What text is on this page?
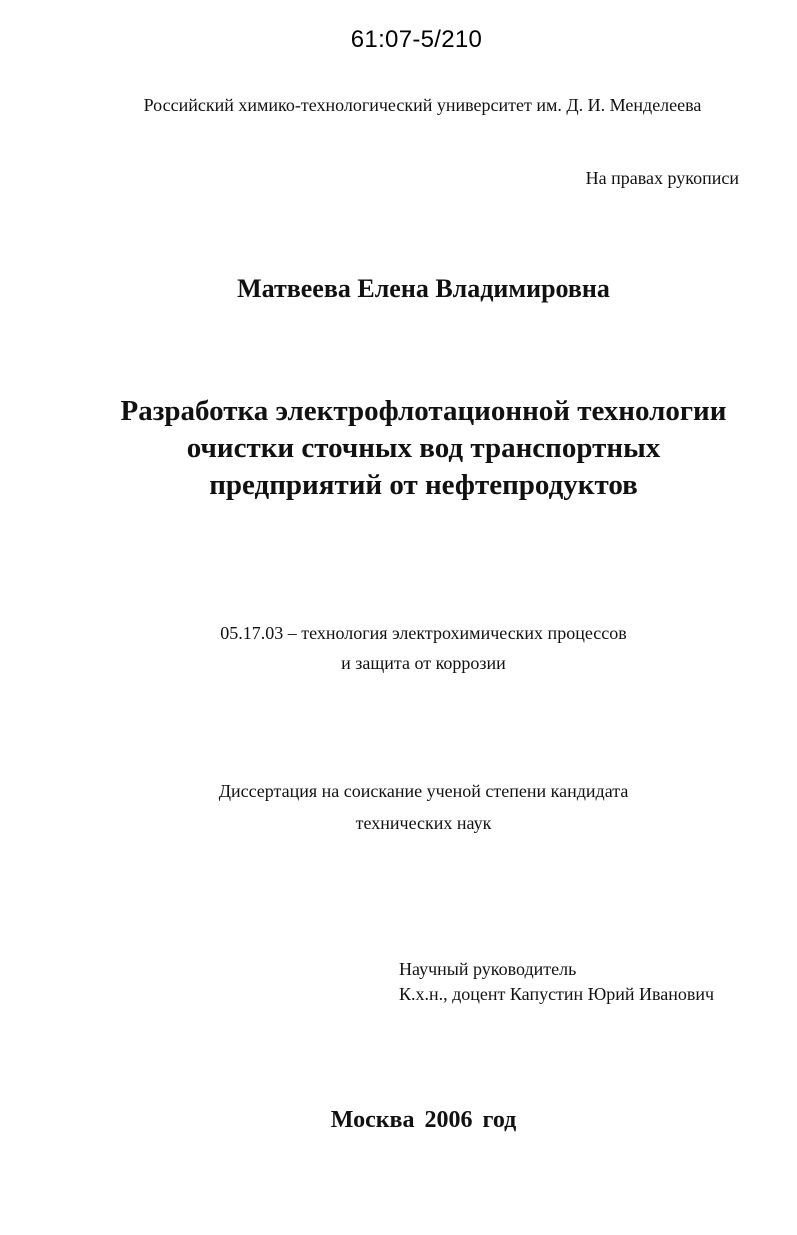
61:07-5/210
Российский химико-технологический университет им. Д. И. Менделеева
На правах рукописи
Матвеева Елена Владимировна
Разработка электрофлотационной технологии
очистки сточных вод транспортных
предприятий от нефтепродуктов
05.17.03 – технология электрохимических процессов
и защита от коррозии
Диссертация на соискание ученой степени кандидата
технических наук
Научный руководитель
К.х.н., доцент Капустин Юрий Иванович
Москва 2006 год
